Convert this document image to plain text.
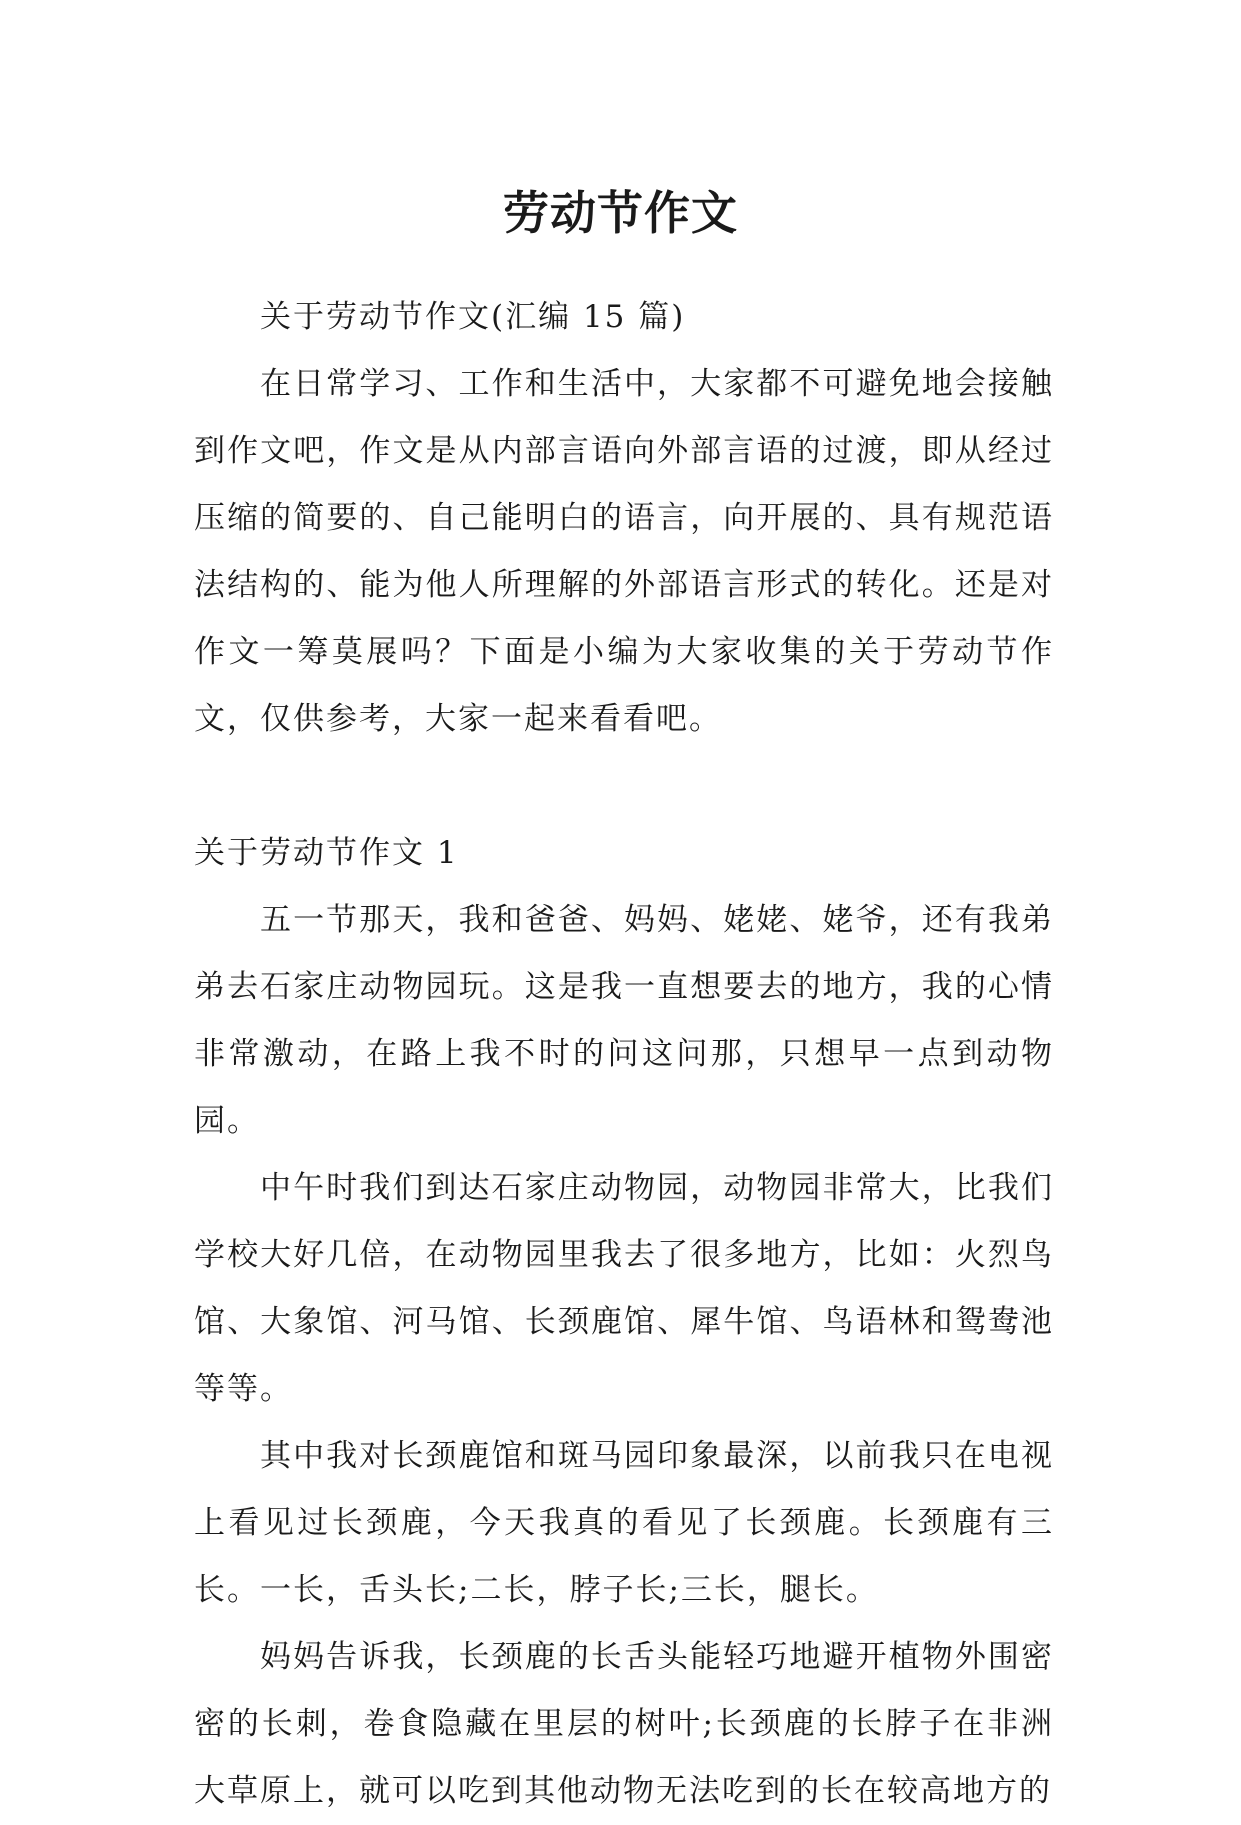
劳动节作文

关于劳动节作文(汇编 15 篇)

在日常学习、工作和生活中，大家都不可避免地会接触到作文吧，作文是从内部言语向外部言语的过渡，即从经过压缩的简要的、自己能明白的语言，向开展的、具有规范语法结构的、能为他人所理解的外部语言形式的转化。还是对作文一筹莫展吗？下面是小编为大家收集的关于劳动节作文，仅供参考，大家一起来看看吧。

关于劳动节作文 1

五一节那天，我和爸爸、妈妈、姥姥、姥爷，还有我弟弟去石家庄动物园玩。这是我一直想要去的地方，我的心情非常激动，在路上我不时的问这问那，只想早一点到动物园。

中午时我们到达石家庄动物园，动物园非常大，比我们学校大好几倍，在动物园里我去了很多地方，比如：火烈鸟馆、大象馆、河马馆、长颈鹿馆、犀牛馆、鸟语林和鸳鸯池等等。

其中我对长颈鹿馆和斑马园印象最深，以前我只在电视上看见过长颈鹿，今天我真的看见了长颈鹿。长颈鹿有三长。一长，舌头长;二长，脖子长;三长，腿长。

妈妈告诉我，长颈鹿的长舌头能轻巧地避开植物外围密密的长刺，卷食隐藏在里层的树叶;长颈鹿的长脖子在非洲大草原上，就可以吃到其他动物无法吃到的长在较高地方的
